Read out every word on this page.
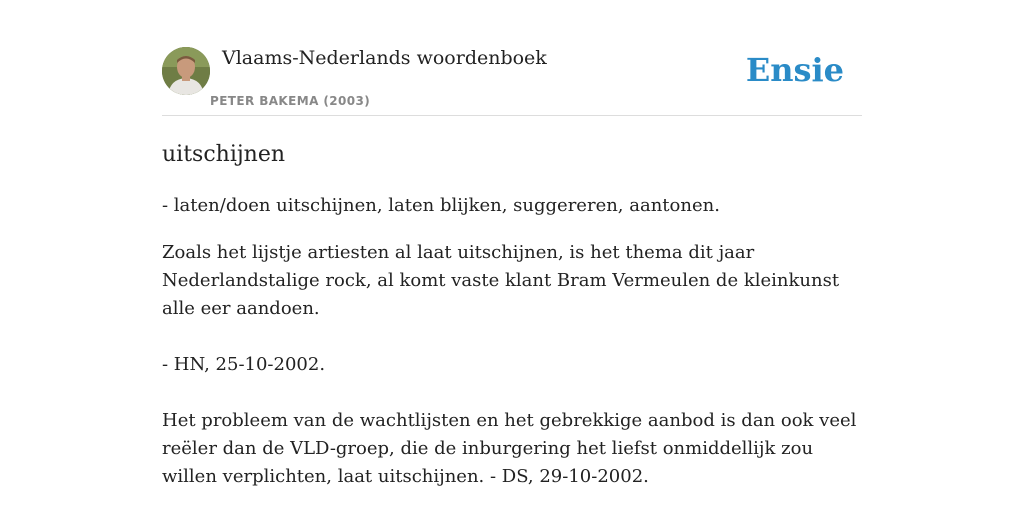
Vlaams-Nederlands woordenboek
PETER BAKEMA (2003)
Ensie
uitschijnen

- laten/doen uitschijnen, laten blijken, suggereren, aantonen.

Zoals het lijstje artiesten al laat uitschijnen, is het thema dit jaar Nederlandstalige rock, al komt vaste klant Bram Vermeulen de kleinkunst alle eer aandoen.

- HN, 25-10-2002.

Het probleem van de wachtlijsten en het gebrekkige aanbod is dan ook veel reëler dan de VLD-groep, die de inburgering het liefst onmiddellijk zou willen verplichten, laat uitschijnen. - DS, 29-10-2002.
